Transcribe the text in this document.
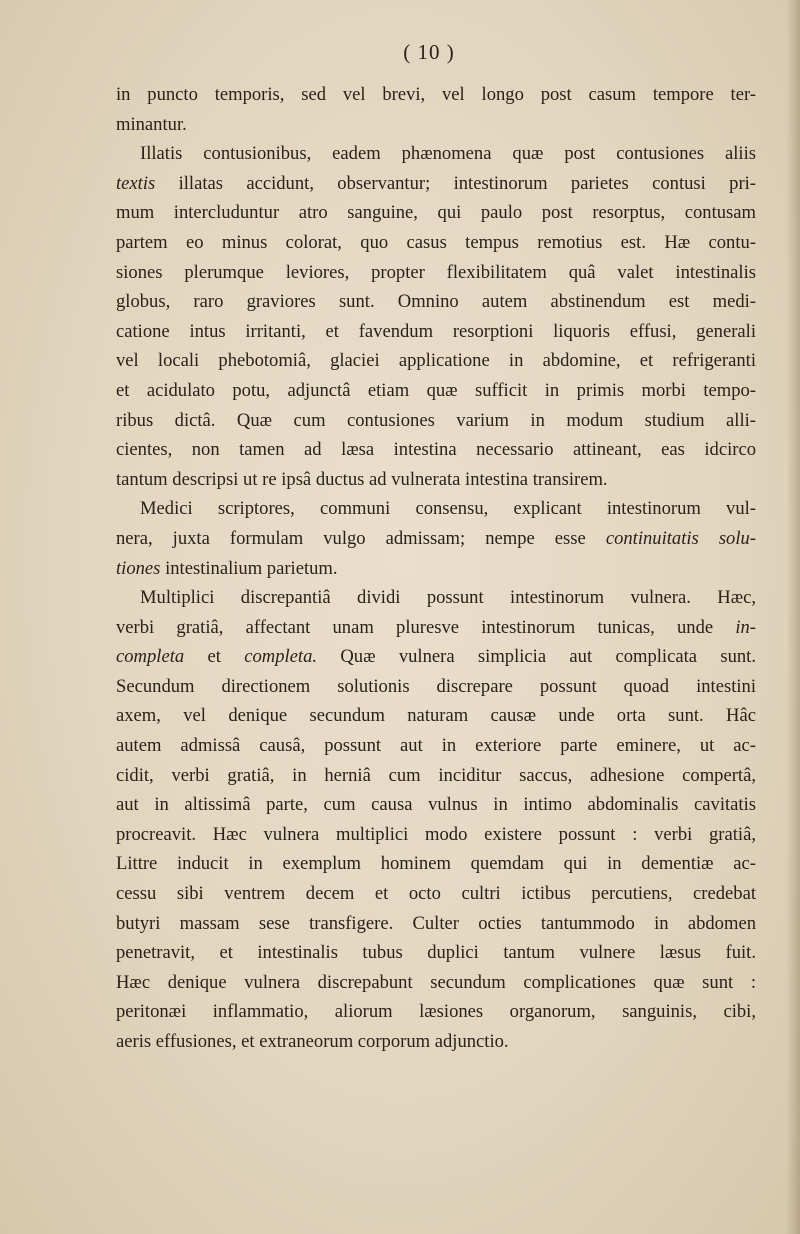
( 10 )
in puncto temporis, sed vel brevi, vel longo post casum tempore ter-
minantur.
Illatis contusionibus, eadem phænomena quæ post contusiones aliis
textis illatas accidunt, observantur; intestinorum parietes contusi pri-
mum intercluduntur atro sanguine, qui paulo post resorptus, contusam
partem eo minus colorat, quo casus tempus remotius est. Hæ contu-
siones plerumque leviores, propter flexibilitatem quâ valet intestinalis
globus, raro graviores sunt. Omnino autem abstinendum est medi-
catione intus irritanti, et favendum resorptioni liquoris effusi, generali
vel locali phebotomiâ, glaciei applicatione in abdomine, et refrigeranti
et acidulato potu, adjunctâ etiam quæ sufficit in primis morbi tempo-
ribus dictâ. Quæ cum contusiones varium in modum studium alli-
cientes, non tamen ad læsa intestina necessario attineant, eas idcirco
tantum descripsi ut re ipsâ ductus ad vulnerata intestina transirem.
Medici scriptores, communi consensu, explicant intestinorum vul-
nera, juxta formulam vulgo admissam; nempe esse continuitatis solu-
tiones intestinalium parietum.
Multiplici discrepantiâ dividi possunt intestinorum vulnera. Hæc,
verbi gratiâ, affectant unam pluresve intestinorum tunicas, unde in-
completa et completa. Quæ vulnera simplicia aut complicata sunt.
Secundum directionem solutionis discrepare possunt quoad intestini
axem, vel denique secundum naturam causæ unde orta sunt. Hâc
autem admissâ causâ, possunt aut in exteriore parte eminere, ut ac-
cidit, verbi gratiâ, in herniâ cum inciditur saccus, adhesione compertâ,
aut in altissimâ parte, cum causa vulnus in intimo abdominalis cavitatis
procreavit. Hæc vulnera multiplici modo existere possunt : verbi gratiâ,
Littre inducit in exemplum hominem quemdam qui in dementiæ ac-
cessu sibi ventrem decem et octo cultri ictibus percutiens, credebat
butyri massam sese transfigere. Culter octies tantummodo in abdomen
penetravit, et intestinalis tubus duplici tantum vulnere læsus fuit.
Hæc denique vulnera discrepabunt secundum complicationes quæ sunt :
peritonæi inflammatio, aliorum læsiones organorum, sanguinis, cibi,
aeris effusiones, et extraneorum corporum adjunctio.
